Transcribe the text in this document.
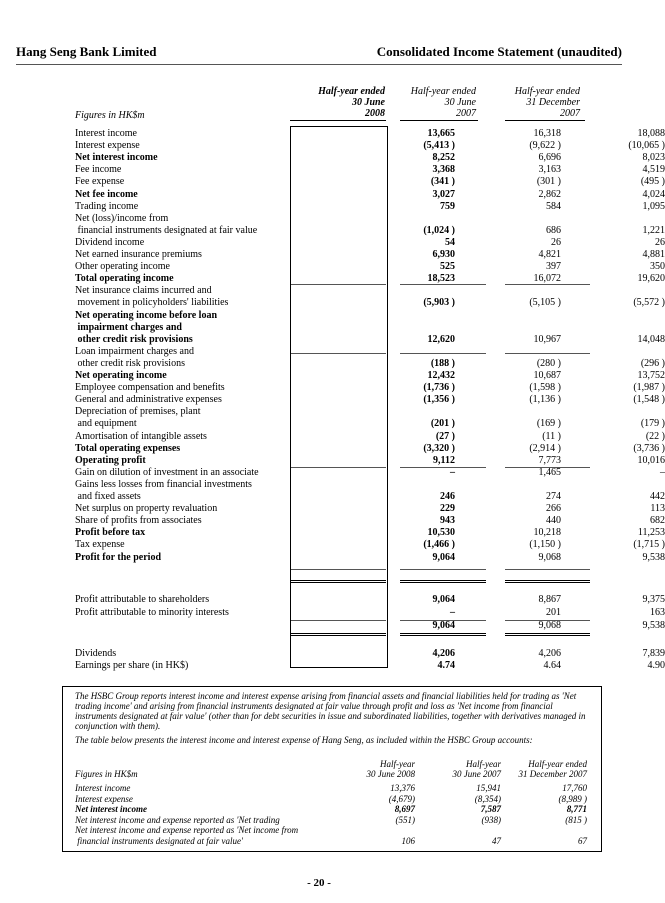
Hang Seng Bank Limited	Consolidated Income Statement (unaudited)
Half-year ended
30 June
2008
Half-year ended
30 June
2007
Half-year ended
31 December
2007
Figures in HK$m
Interest income	13,665	16,318	18,088
Interest expense	(5,413 )	(9,622 )	(10,065 )
Net interest income	8,252	6,696	8,023
Fee income	3,368	3,163	4,519
Fee expense	(341 )	(301 )	(495 )
Net fee income	3,027	2,862	4,024
Trading income	759	584	1,095
Net (loss)/income from
financial instruments designated at fair value	(1,024 )	686	1,221
Dividend income	54	26	26
Net earned insurance premiums	6,930	4,821	4,881
Other operating income	525	397	350
Total operating income	18,523	16,072	19,620
Net insurance claims incurred and
movement in policyholders' liabilities	(5,903 )	(5,105 )	(5,572 )
Net operating income before loan
impairment charges and
other credit risk provisions	12,620	10,967	14,048
Loan impairment charges and
other credit risk provisions	(188 )	(280 )	(296 )
Net operating income	12,432	10,687	13,752
Employee compensation and benefits	(1,736 )	(1,598 )	(1,987 )
General and administrative expenses	(1,356 )	(1,136 )	(1,548 )
Depreciation of premises, plant
and equipment	(201 )	(169 )	(179 )
Amortisation of intangible assets	(27 )	(11 )	(22 )
Total operating expenses	(3,320 )	(2,914 )	(3,736 )
Operating profit	9,112	7,773	10,016
Gain on dilution of investment in an associate	–	1,465	–
Gains less losses from financial investments
and fixed assets	246	274	442
Net surplus on property revaluation	229	266	113
Share of profits from associates	943	440	682
Profit before tax	10,530	10,218	11,253
Tax expense	(1,466 )	(1,150 )	(1,715 )
Profit for the period	9,064	9,068	9,538
Profit attributable to shareholders	9,064	8,867	9,375
Profit attributable to minority interests	–	201	163
9,064	9,068	9,538
Dividends	4,206	4,206	7,839
Earnings per share (in HK$)	4.74	4.64	4.90
The HSBC Group reports interest income and interest expense arising from financial assets and financial liabilities held for trading as 'Net trading income' and arising from financial instruments designated at fair value through profit and loss as 'Net income from financial instruments designated at fair value' (other than for debt securities in issue and subordinated liabilities, together with derivatives managed in conjunction with them).
The table below presents the interest income and interest expense of Hang Seng, as included within the HSBC Group accounts:
Half-year	Half-year	Half-year ended
Figures in HK$m	30 June 2008	30 June 2007	31 December 2007
Interest income	13,376	15,941	17,760
Interest expense	(4,679)	(8,354)	(8,989 )
Net interest income	8,697	7,587	8,771
Net interest income and expense reported as 'Net trading	(551)	(938)	(815 )
Net interest income and expense reported as 'Net income from
financial instruments designated at fair value'	106	47	67
- 20 -
